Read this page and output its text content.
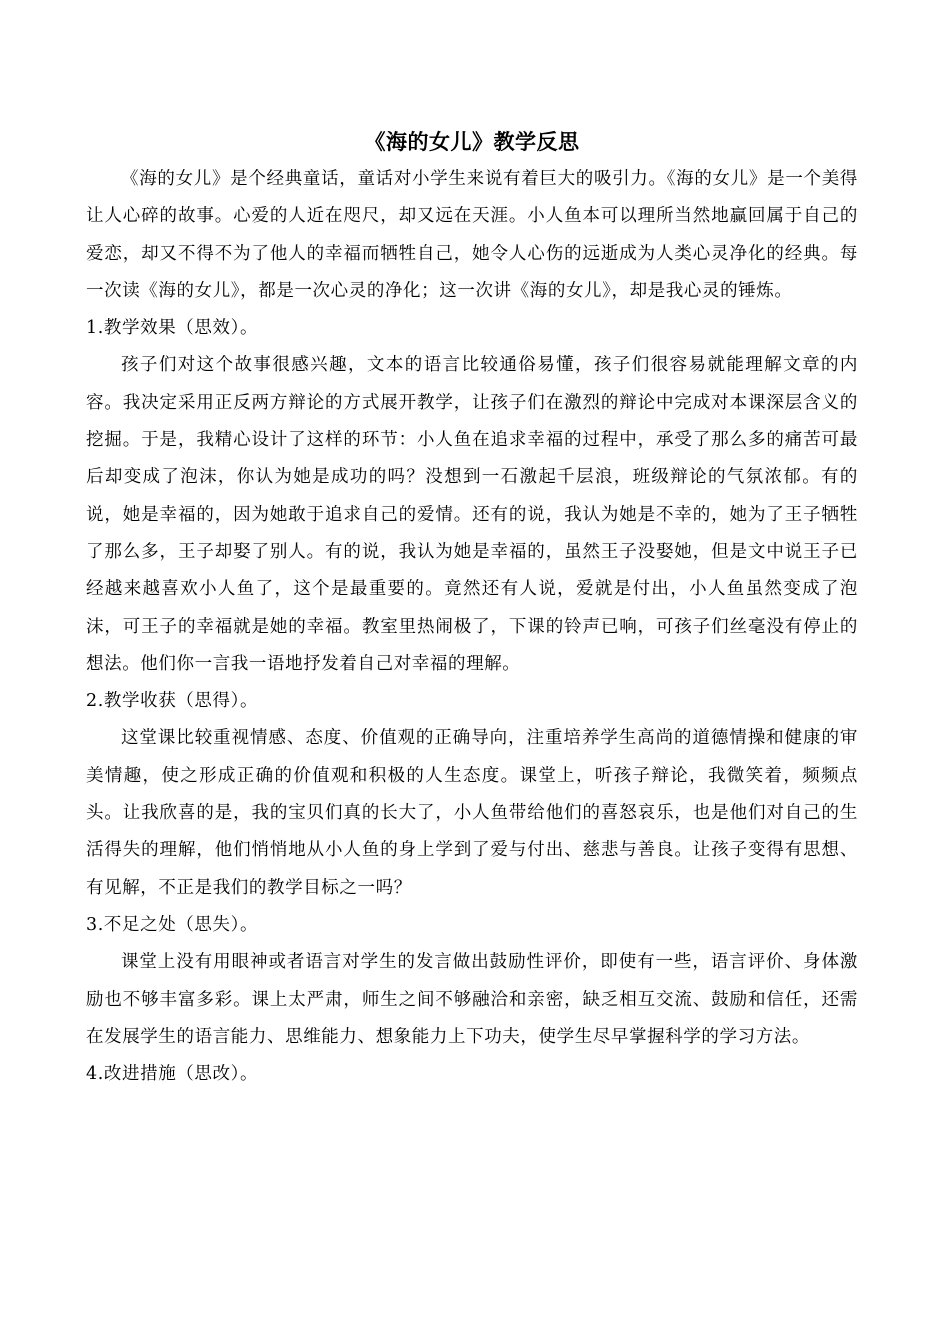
《海的女儿》教学反思

《海的女儿》是个经典童话，童话对小学生来说有着巨大的吸引力。《海的女儿》是一个美得让人心碎的故事。心爱的人近在咫尺，却又远在天涯。小人鱼本可以理所当然地赢回属于自己的爱恋，却又不得不为了他人的幸福而牺牲自己，她令人心伤的远逝成为人类心灵净化的经典。每一次读《海的女儿》，都是一次心灵的净化；这一次讲《海的女儿》，却是我心灵的锤炼。

1.教学效果（思效）。

孩子们对这个故事很感兴趣，文本的语言比较通俗易懂，孩子们很容易就能理解文章的内容。我决定采用正反两方辩论的方式展开教学，让孩子们在激烈的辩论中完成对本课深层含义的挖掘。于是，我精心设计了这样的环节：小人鱼在追求幸福的过程中，承受了那么多的痛苦可最后却变成了泡沫，你认为她是成功的吗？没想到一石激起千层浪，班级辩论的气氛浓郁。有的说，她是幸福的，因为她敢于追求自己的爱情。还有的说，我认为她是不幸的，她为了王子牺牲了那么多，王子却娶了别人。有的说，我认为她是幸福的，虽然王子没娶她，但是文中说王子已经越来越喜欢小人鱼了，这个是最重要的。竟然还有人说，爱就是付出，小人鱼虽然变成了泡沫，可王子的幸福就是她的幸福。教室里热闹极了，下课的铃声已响，可孩子们丝毫没有停止的想法。他们你一言我一语地抒发着自己对幸福的理解。

2.教学收获（思得）。

这堂课比较重视情感、态度、价值观的正确导向，注重培养学生高尚的道德情操和健康的审美情趣，使之形成正确的价值观和积极的人生态度。课堂上，听孩子辩论，我微笑着，频频点头。让我欣喜的是，我的宝贝们真的长大了，小人鱼带给他们的喜怒哀乐，也是他们对自己的生活得失的理解，他们悄悄地从小人鱼的身上学到了爱与付出、慈悲与善良。让孩子变得有思想、有见解，不正是我们的教学目标之一吗？

3.不足之处（思失）。

课堂上没有用眼神或者语言对学生的发言做出鼓励性评价，即使有一些，语言评价、身体激励也不够丰富多彩。课上太严肃，师生之间不够融洽和亲密，缺乏相互交流、鼓励和信任，还需在发展学生的语言能力、思维能力、想象能力上下功夫，使学生尽早掌握科学的学习方法。

4.改进措施（思改）。
